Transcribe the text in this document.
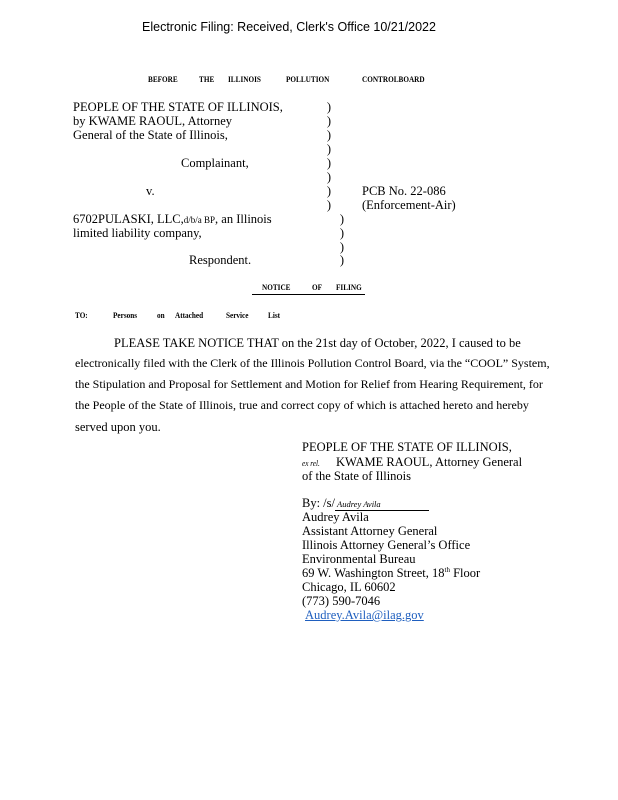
Electronic Filing: Received, Clerk's Office 10/21/2022
BEFORE	THE ILLINOIS	POLLUTION	CONTROLBOARD
PEOPLE OF THE STATE OF ILLINOIS,
by KWAME RAOUL, Attorney
General of the State of Illinois,
Complainant,
v.
6702PULASKI, LLC,d/b/a BP, an Illinois
limited liability company,
Respondent.
)
)
)
)
)
)
)
)
)
)
)
)
PCB No. 22-086
(Enforcement-Air)
NOTICE	OF FILING
TO:	Persons on Attached	Service List
PLEASE TAKE NOTICE THAT on the 21st day of October, 2022, I caused to be
electronically filed with the Clerk of the Illinois Pollution Control Board, via the “COOL” System,
the Stipulation and Proposal for Settlement and Motion for Relief from Hearing Requirement, for
the People of the State of Illinois, true and correct copy of which is attached hereto and hereby
served upon you.
PEOPLE OF THE STATE OF ILLINOIS,
ex rel. KWAME RAOUL, Attorney General
of the State of Illinois
By: /s/ Audrey Avila
Audrey Avila
Assistant Attorney General
Illinois Attorney General’s Office
Environmental Bureau
69 W. Washington Street, 18th Floor
Chicago, IL 60602
(773) 590-7046
Audrey.Avila@ilag.gov
